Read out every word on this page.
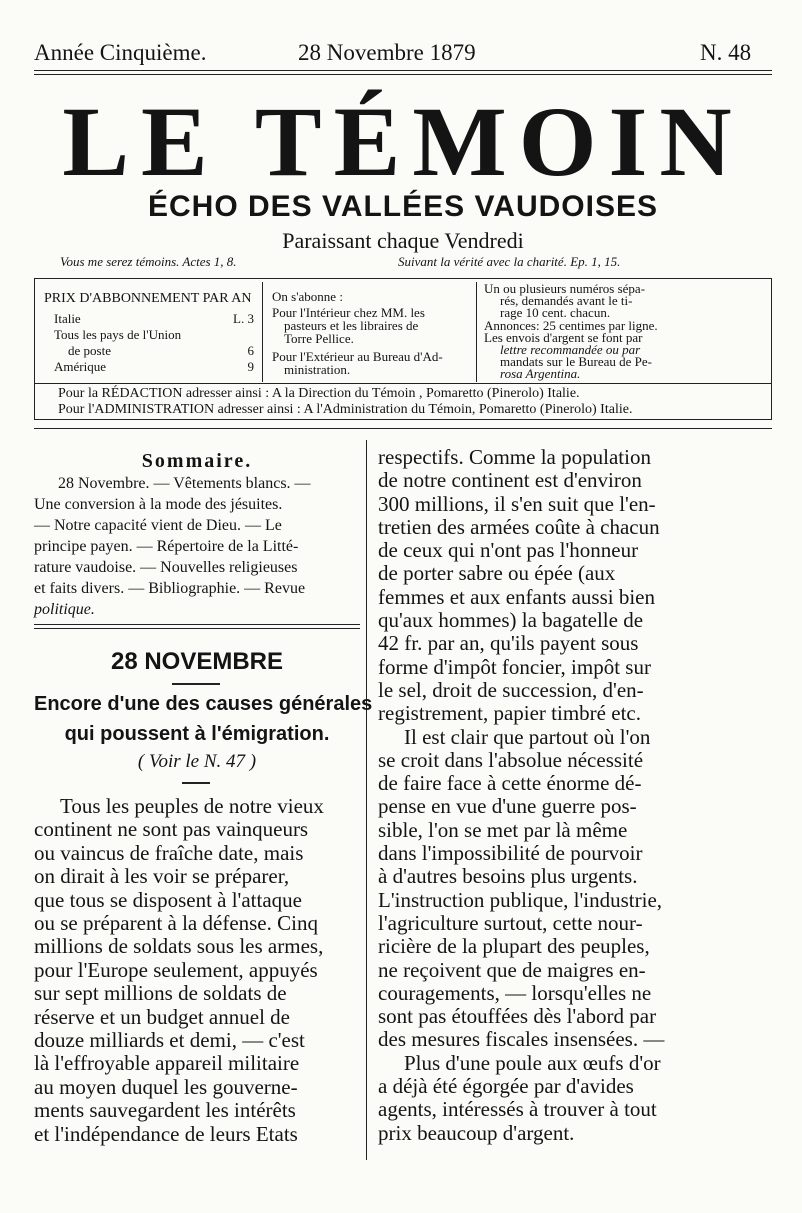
Année Cinquième.	28 Novembre 1879	N. 48
LE TÉMOIN
ÉCHO DES VALLÉES VAUDOISES
Paraissant chaque Vendredi
Vous me serez témoins. Actes 1, 8.	Suivant la vérité avec la charité. Ep. 1, 15.
PRIX D'ABBONNEMENT PAR AN
Italie	L. 3
Tous les pays de l'Union
de poste	6
Amérique	9
On s'abonne :
Pour l'Intérieur chez MM. les
pasteurs et les libraires de
Torre Pellice.
Pour l'Extérieur au Bureau d'Ad-
ministration.
Un ou plusieurs numéros sépa-
rés, demandés avant le ti-
rage 10 cent. chacun.
Annonces: 25 centimes par ligne.
Les envois d'argent se font par
lettre recommandée ou par
mandats sur le Bureau de Pe-
rosa Argentina.
Pour la RÉDACTION adresser ainsi : A la Direction du Témoin , Pomaretto (Pinerolo) Italie.
Pour l'ADMINISTRATION adresser ainsi : A l'Administration du Témoin, Pomaretto (Pinerolo) Italie.
Sommaire.
28 Novembre. — Vêtements blancs. —
Une conversion à la mode des jésuites.
— Notre capacité vient de Dieu. — Le
principe payen. — Répertoire de la Litté-
rature vaudoise. — Nouvelles religieuses
et faits divers. — Bibliographie. — Revue
politique.
28 NOVEMBRE
Encore d'une des causes générales
qui poussent à l'émigration.
( Voir le N. 47 )
Tous les peuples de notre vieux
continent ne sont pas vainqueurs
ou vaincus de fraîche date, mais
on dirait à les voir se préparer,
que tous se disposent à l'attaque
ou se préparent à la défense. Cinq
millions de soldats sous les armes,
pour l'Europe seulement, appuyés
sur sept millions de soldats de
réserve et un budget annuel de
douze milliards et demi, — c'est
là l'effroyable appareil militaire
au moyen duquel les gouverne-
ments sauvegardent les intérêts
et l'indépendance de leurs Etats
respectifs. Comme la population
de notre continent est d'environ
300 millions, il s'en suit que l'en-
tretien des armées coûte à chacun
de ceux qui n'ont pas l'honneur
de porter sabre ou épée (aux
femmes et aux enfants aussi bien
qu'aux hommes) la bagatelle de
42 fr. par an, qu'ils payent sous
forme d'impôt foncier, impôt sur
le sel, droit de succession, d'en-
registrement, papier timbré etc.
Il est clair que partout où l'on
se croit dans l'absolue nécessité
de faire face à cette énorme dé-
pense en vue d'une guerre pos-
sible, l'on se met par là même
dans l'impossibilité de pourvoir
à d'autres besoins plus urgents.
L'instruction publique, l'industrie,
l'agriculture surtout, cette nour-
ricière de la plupart des peuples,
ne reçoivent que de maigres en-
couragements, — lorsqu'elles ne
sont pas étouffées dès l'abord par
des mesures fiscales insensées. —
Plus d'une poule aux œufs d'or
a déjà été égorgée par d'avides
agents, intéressés à trouver à tout
prix beaucoup d'argent.
